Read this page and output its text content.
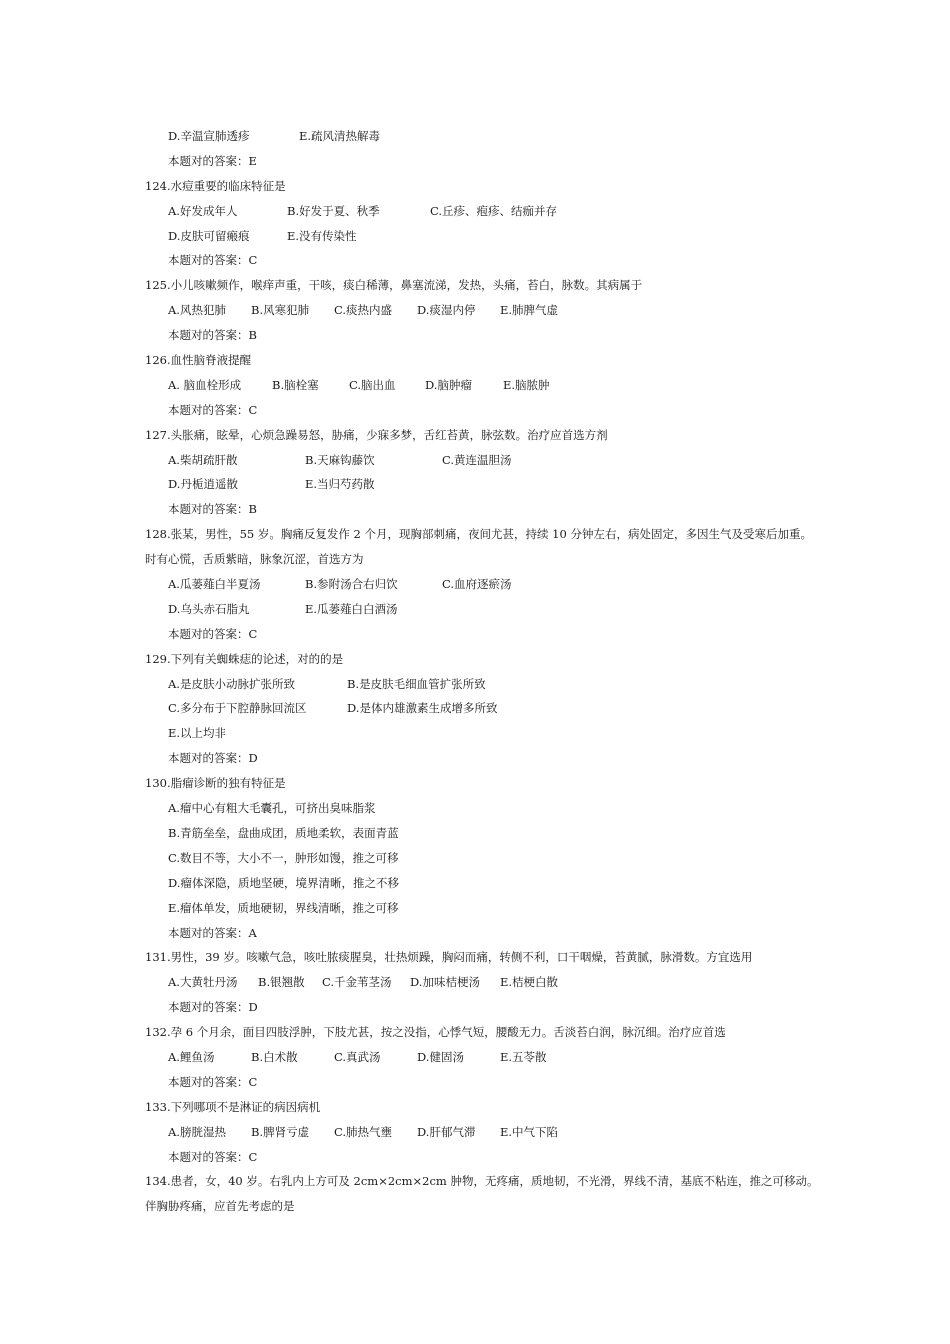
D.辛温宣肺透疹	E.疏风清热解毒
本题对的答案：E
124.水痘重要的临床特征是
A.好发成年人	B.好发于夏、秋季	C.丘疹、疱疹、结痂并存
D.皮肤可留瘢痕	E.没有传染性
本题对的答案：C
125.小儿咳嗽频作，喉痒声重，干咳，痰白稀薄，鼻塞流涕，发热，头痛，苔白，脉数。其病属于
A.风热犯肺 B.风寒犯肺 C.痰热内盛 D.痰湿内停 E.肺脾气虚
本题对的答案：B
126.血性脑脊液提醒
A. 脑血栓形成	B.脑栓塞	C.脑出血	D.脑肿瘤	E.脑脓肿
本题对的答案：C
127.头胀痛，眩晕，心烦急躁易怒，胁痛，少寐多梦，舌红苔黄，脉弦数。治疗应首选方剂
A.柴胡疏肝散	B.天麻钩藤饮	C.黄连温胆汤
D.丹栀逍遥散	E.当归芍药散
本题对的答案：B
128.张某，男性，55 岁。胸痛反复发作 2 个月，现胸部刺痛，夜间尤甚，持续 10 分钟左右，病处固定，多因生气及受寒后加重。
时有心慌，舌质紫暗，脉象沉涩，首选方为
A.瓜蒌薤白半夏汤	B.参附汤合右归饮	C.血府逐瘀汤
D.乌头赤石脂丸	E.瓜蒌薤白白酒汤
本题对的答案：C
129.下列有关蜘蛛痣的论述，对的的是
A.是皮肤小动脉扩张所致	B.是皮肤毛细血管扩张所致
C.多分布于下腔静脉回流区	D.是体内雄激素生成增多所致
E.以上均非
本题对的答案：D
130.脂瘤诊断的独有特征是
A.瘤中心有粗大毛囊孔，可挤出臭味脂浆
B.青筋垒垒，盘曲成团，质地柔软，表面青蓝
C.数目不等，大小不一，肿形如馒，推之可移
D.瘤体深隐，质地坚硬，境界清晰，推之不移
E.瘤体单发，质地硬韧，界线清晰，推之可移
本题对的答案：A
131.男性，39 岁。咳嗽气急，咳吐脓痰腥臭，壮热烦躁，胸闷而痛，转侧不利，口干咽燥，苔黄腻，脉滑数。方宜选用
A.大黄牡丹汤 B.银翘散 C.千金苇茎汤 D.加味桔梗汤 E.桔梗白散
本题对的答案：D
132.孕 6 个月余，面目四肢浮肿，下肢尤甚，按之没指，心悸气短，腰酸无力。舌淡苔白润，脉沉细。治疗应首选
A.鲤鱼汤	B.白术散	C.真武汤	D.健固汤	E.五苓散
本题对的答案：C
133.下列哪项不是淋证的病因病机
A.膀胱湿热 B.脾肾亏虚 C.肺热气壅 D.肝郁气滞 E.中气下陷
本题对的答案：C
134.患者，女，40 岁。右乳内上方可及 2cm×2cm×2cm 肿物，无疼痛，质地韧，不光滑，界线不清，基底不粘连，推之可移动。
伴胸胁疼痛，应首先考虑的是
